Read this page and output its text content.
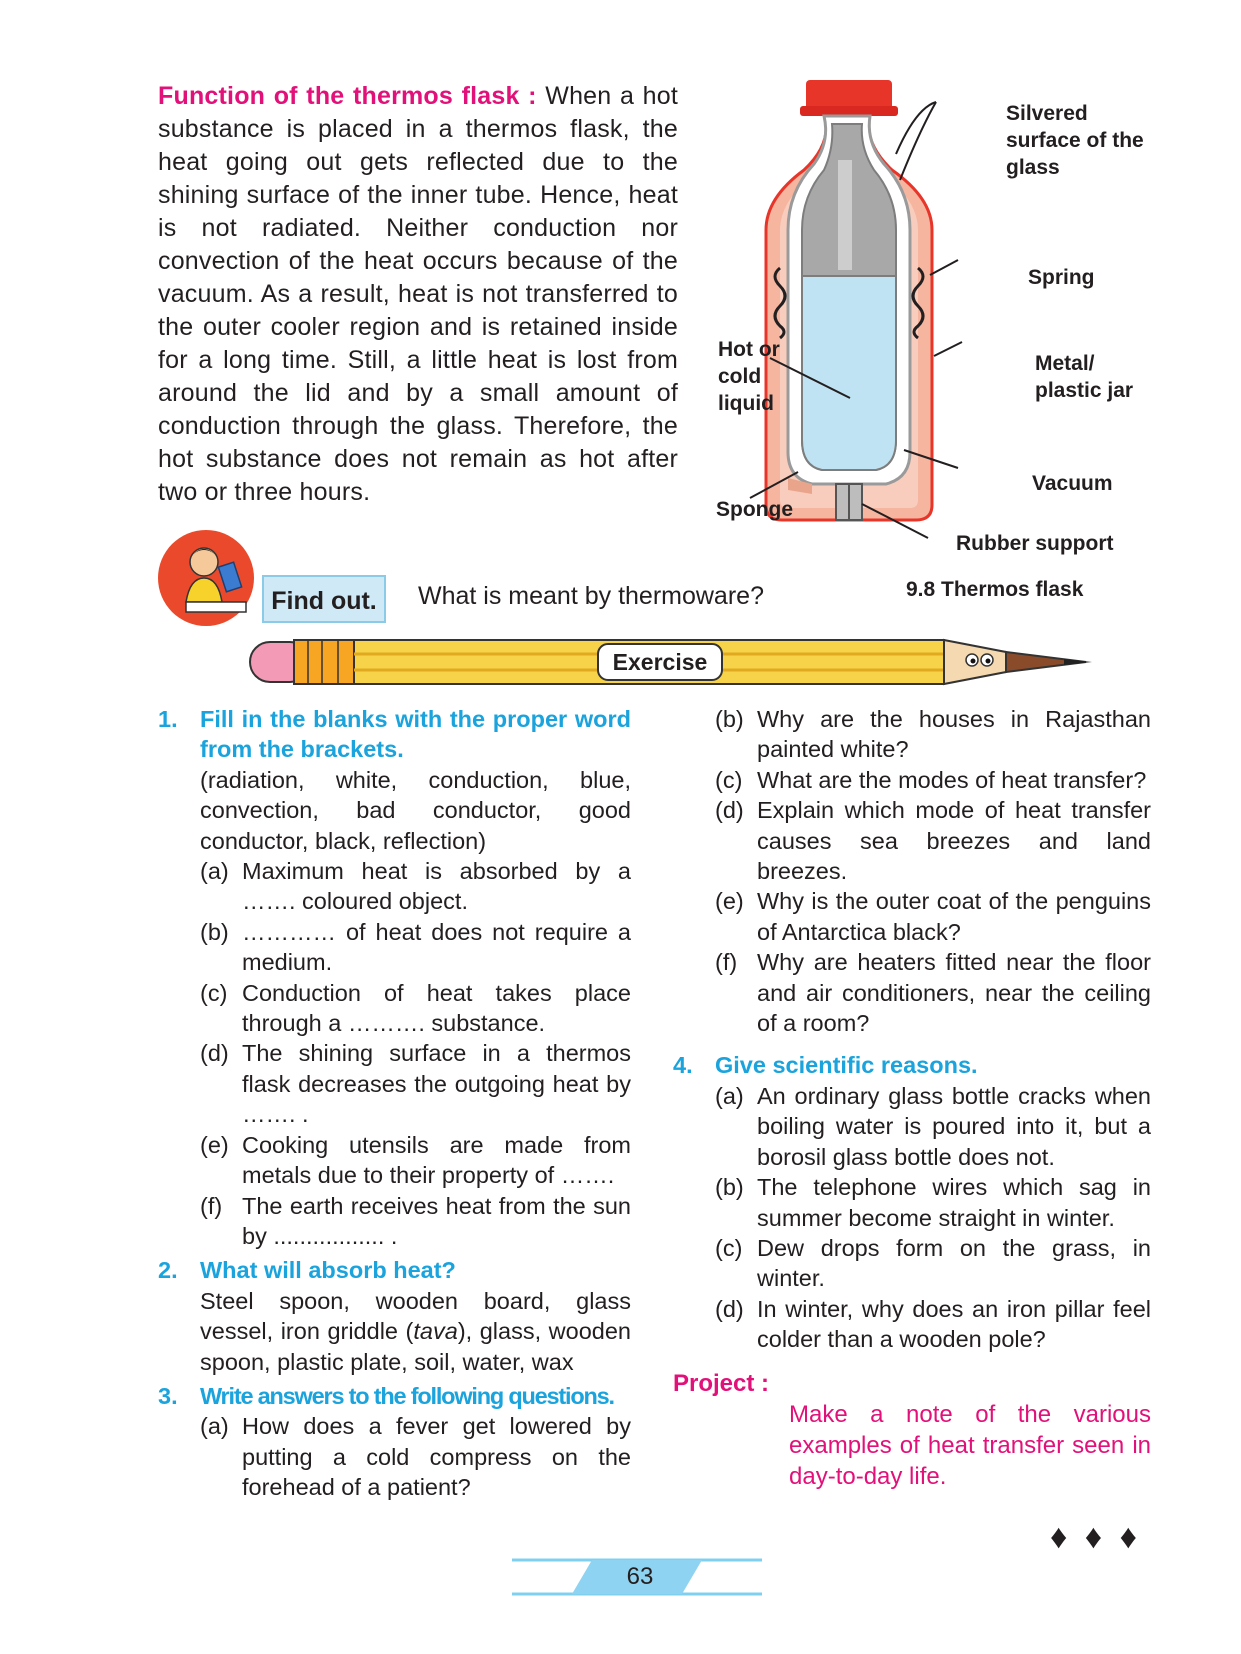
Function of the thermos flask : When a hot substance is placed in a thermos flask, the heat going out gets reflected due to the shining surface of the inner tube. Hence, heat is not radiated. Neither conduction nor convection of the heat occurs because of the vacuum. As a result, heat is not transferred to the outer cooler region and is retained inside for a long time. Still, a little heat is lost from around the lid and by a small amount of conduction through the glass. Therefore, the hot substance does not remain as hot after two or three hours.
Silvered
surface of the
glass
Spring
Metal/
plastic jar
Hot or
cold
liquid
Vacuum
Sponge
Rubber support
9.8 Thermos flask
Find out.	What is meant by thermoware?
Exercise
1. Fill in the blanks with the proper word from the brackets.
(radiation, white, conduction, blue, convection, bad conductor, good conductor, black, reflection)
(a) Maximum heat is absorbed by a ……. coloured object.
(b) ………… of heat does not require a medium.
(c) Conduction of heat takes place through a ………. substance.
(d) The shining surface in a thermos flask decreases the outgoing heat by ……. .
(e) Cooking utensils are made from metals due to their property of …….
(f) The earth receives heat from the sun by ................. .
2. What will absorb heat?
Steel spoon, wooden board, glass vessel, iron griddle (tava), glass, wooden spoon, plastic plate, soil, water, wax
3. Write answers to the following questions.
(a) How does a fever get lowered by putting a cold compress on the forehead of a patient?
(b) Why are the houses in Rajasthan painted white?
(c) What are the modes of heat transfer?
(d) Explain which mode of heat transfer causes sea breezes and land breezes.
(e) Why is the outer coat of the penguins of Antarctica black?
(f) Why are heaters fitted near the floor and air conditioners, near the ceiling of a room?
4. Give scientific reasons.
(a) An ordinary glass bottle cracks when boiling water is poured into it, but a borosil glass bottle does not.
(b) The telephone wires which sag in summer become straight in winter.
(c) Dew drops form on the grass, in winter.
(d) In winter, why does an iron pillar feel colder than a wooden pole?
Project :
Make a note of the various examples of heat transfer seen in day-to-day life.
♦ ♦ ♦
63
